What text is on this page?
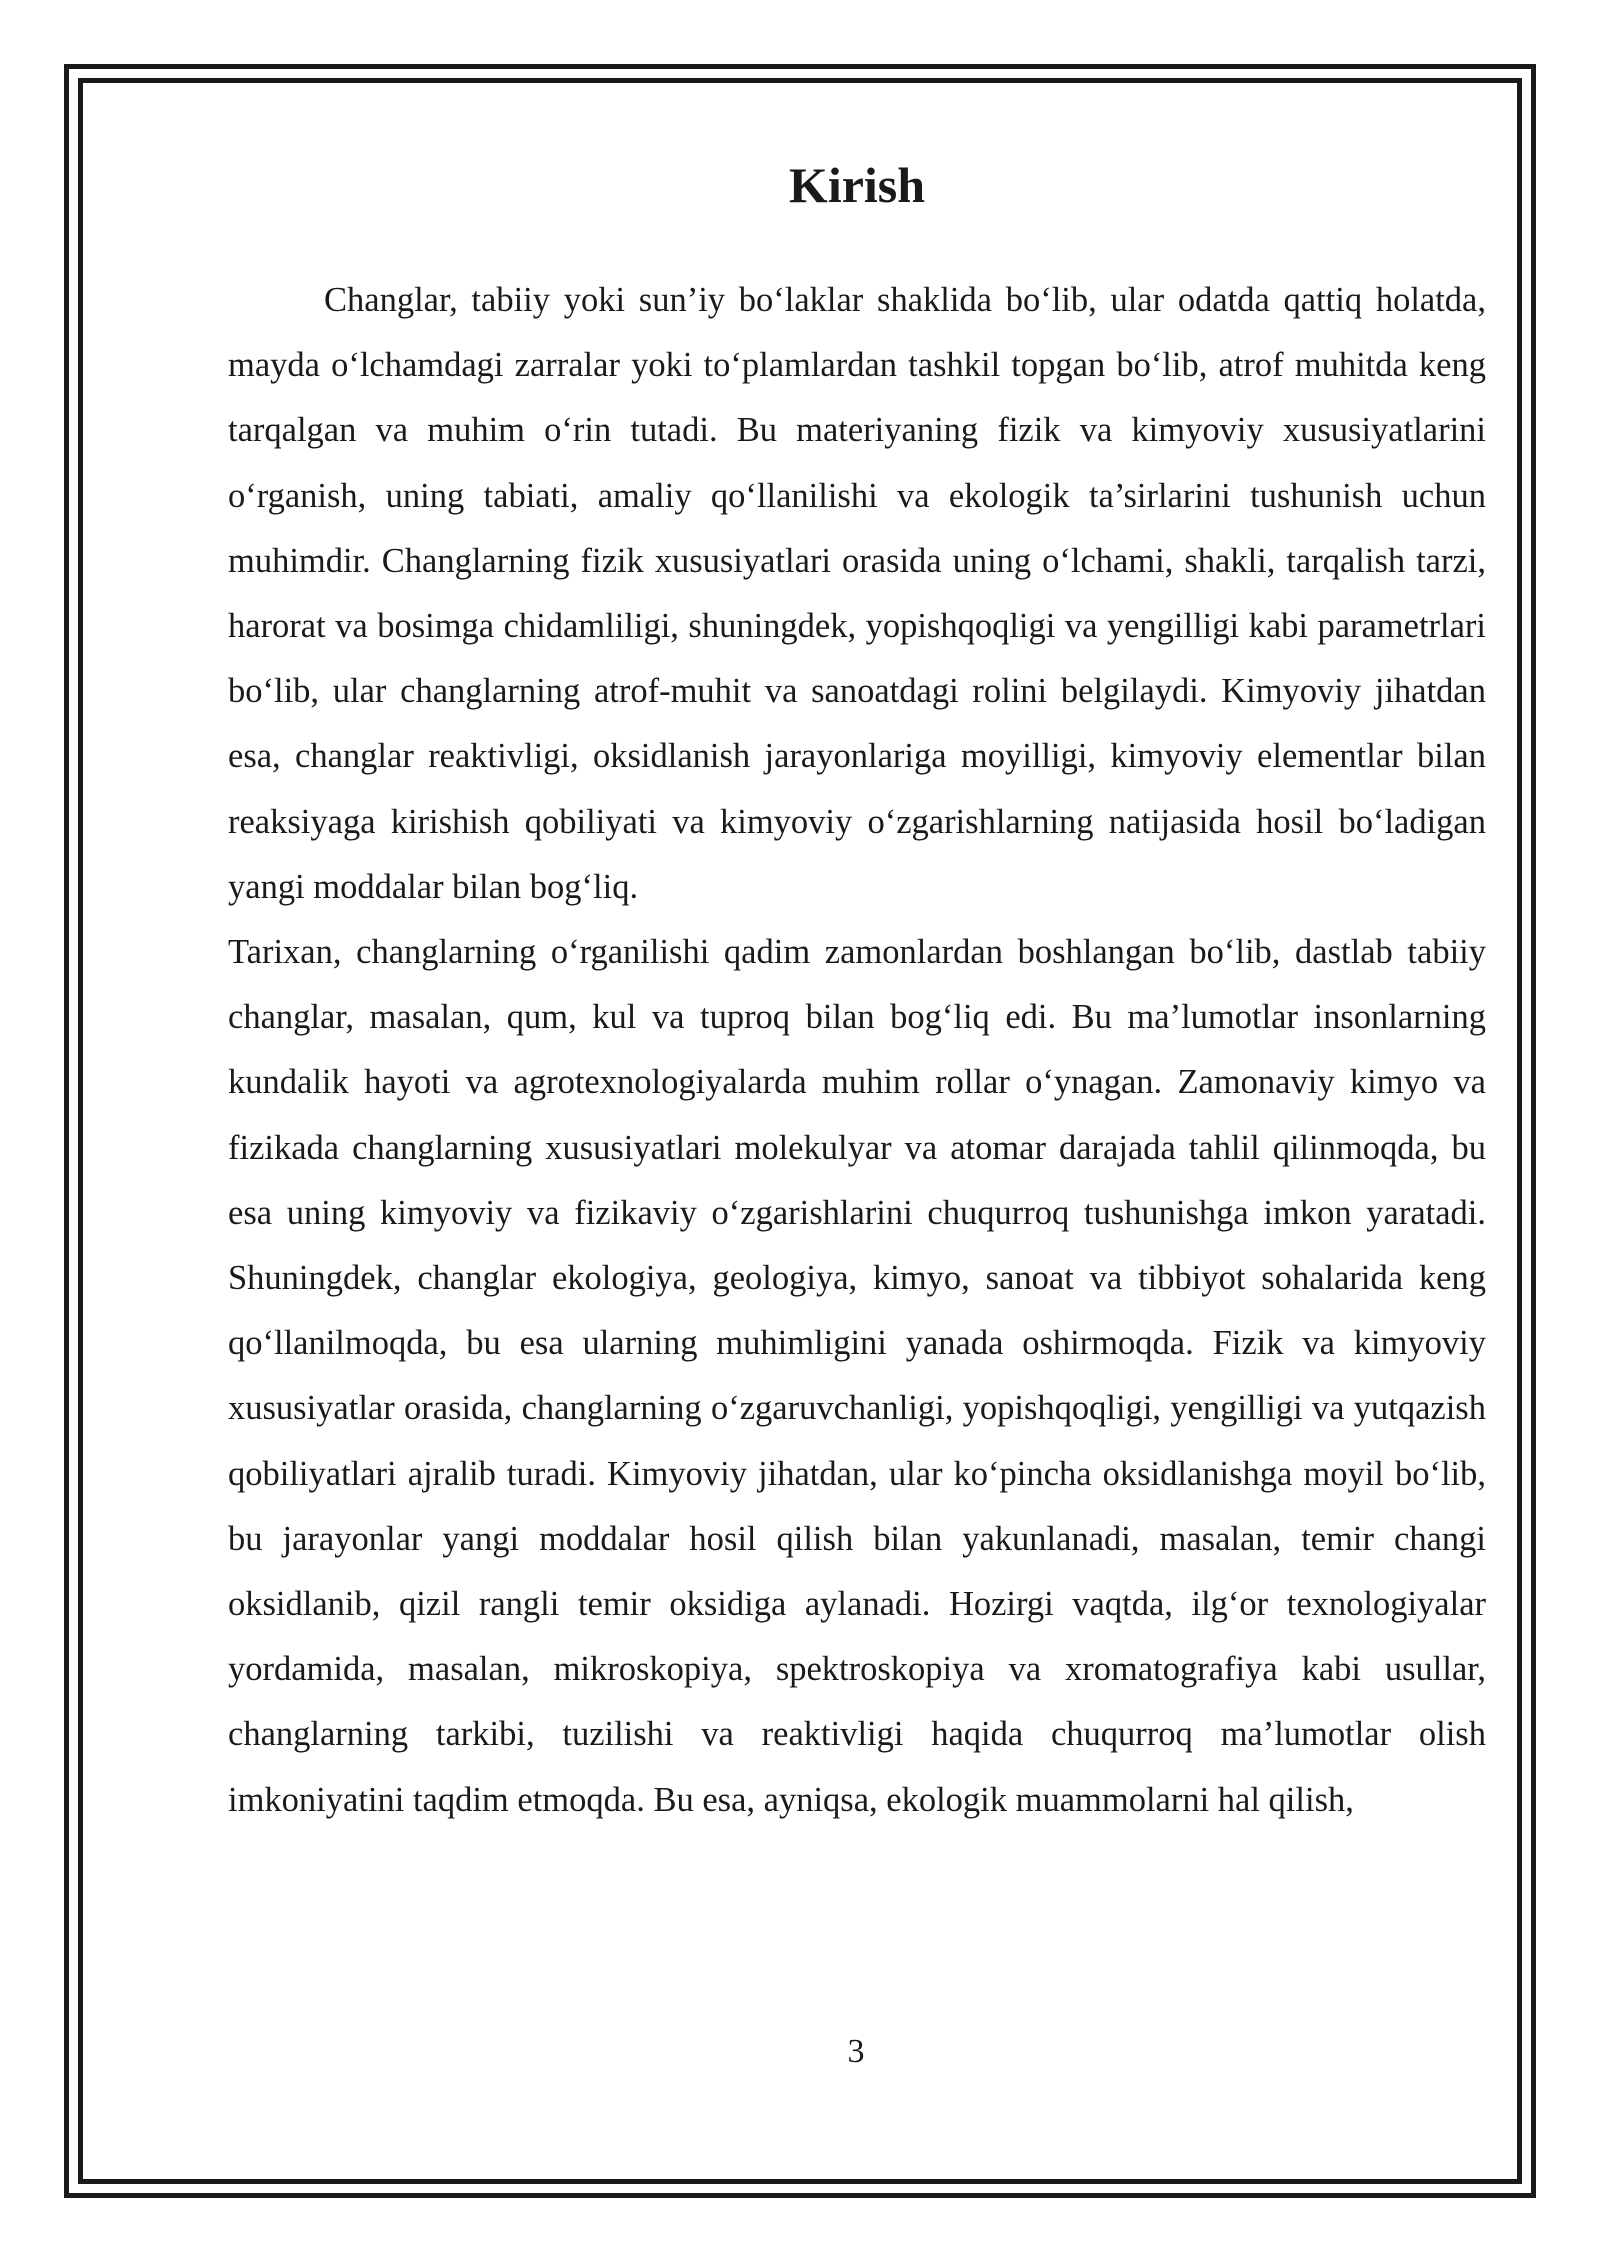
Kirish

Changlar, tabiiy yoki sun’iy bo‘laklar shaklida bo‘lib, ular odatda qattiq holatda, mayda o‘lchamdagi zarralar yoki to‘plamlardan tashkil topgan bo‘lib, atrof muhitda keng tarqalgan va muhim o‘rin tutadi. Bu materiyaning fizik va kimyoviy xususiyatlarini o‘rganish, uning tabiati, amaliy qo‘llanilishi va ekologik ta’sirlarini tushunish uchun muhimdir. Changlarning fizik xususiyatlari orasida uning o‘lchami, shakli, tarqalish tarzi, harorat va bosimga chidamliligi, shuningdek, yopishqoqligi va yengilligi kabi parametrlari bo‘lib, ular changlarning atrof-muhit va sanoatdagi rolini belgilaydi. Kimyoviy jihatdan esa, changlar reaktivligi, oksidlanish jarayonlariga moyilligi, kimyoviy elementlar bilan reaksiyaga kirishish qobiliyati va kimyoviy o‘zgarishlarning natijasida hosil bo‘ladigan yangi moddalar bilan bog‘liq.

Tarixan, changlarning o‘rganilishi qadim zamonlardan boshlangan bo‘lib, dastlab tabiiy changlar, masalan, qum, kul va tuproq bilan bog‘liq edi. Bu ma’lumotlar insonlarning kundalik hayoti va agrotexnologiyalarda muhim rollar o‘ynagan. Zamonaviy kimyo va fizikada changlarning xususiyatlari molekulyar va atomar darajada tahlil qilinmoqda, bu esa uning kimyoviy va fizikaviy o‘zgarishlarini chuqurroq tushunishga imkon yaratadi. Shuningdek, changlar ekologiya, geologiya, kimyo, sanoat va tibbiyot sohalarida keng qo‘llanilmoqda, bu esa ularning muhimligini yanada oshirmoqda. Fizik va kimyoviy xususiyatlar orasida, changlarning o‘zgaruvchanligi, yopishqoqligi, yengilligi va yutqazish qobiliyatlari ajralib turadi. Kimyoviy jihatdan, ular ko‘pincha oksidlanishga moyil bo‘lib, bu jarayonlar yangi moddalar hosil qilish bilan yakunlanadi, masalan, temir changi oksidlanib, qizil rangli temir oksidiga aylanadi. Hozirgi vaqtda, ilg‘or texnologiyalar yordamida, masalan, mikroskopiya, spektroskopiya va xromatografiya kabi usullar, changlarning tarkibi, tuzilishi va reaktivligi haqida chuqurroq ma’lumotlar olish imkoniyatini taqdim etmoqda. Bu esa, ayniqsa, ekologik muammolarni hal qilish,

3
